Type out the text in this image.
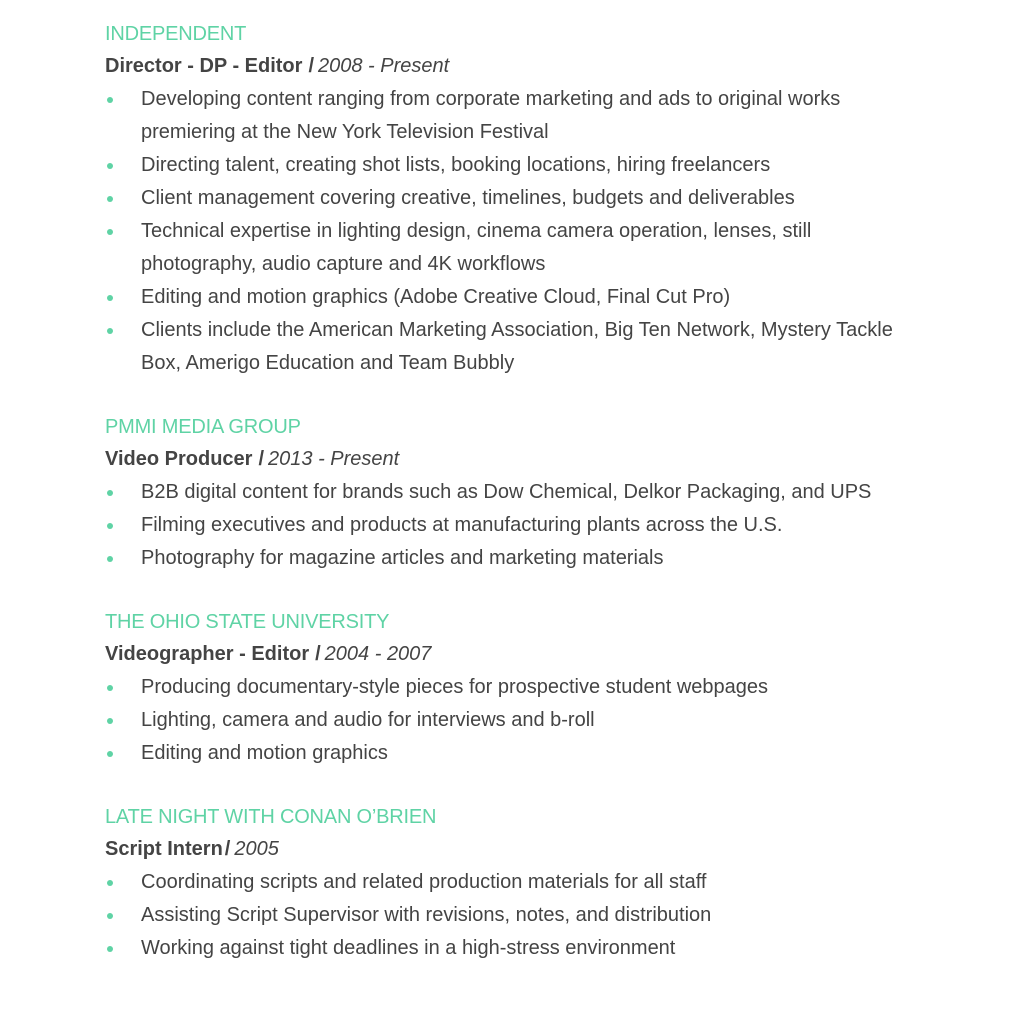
INDEPENDENT
Director - DP - Editor / 2008 - Present
Developing content ranging from corporate marketing and ads to original works premiering at the New York Television Festival
Directing talent, creating shot lists, booking locations, hiring freelancers
Client management covering creative, timelines, budgets and deliverables
Technical expertise in lighting design, cinema camera operation, lenses, still photography, audio capture and 4K workflows
Editing and motion graphics (Adobe Creative Cloud, Final Cut Pro)
Clients include the American Marketing Association, Big Ten Network, Mystery Tackle Box, Amerigo Education and Team Bubbly
PMMI MEDIA GROUP
Video Producer / 2013 - Present
B2B digital content for brands such as Dow Chemical, Delkor Packaging, and UPS
Filming executives and products at manufacturing plants across the U.S.
Photography for magazine articles and marketing materials
THE OHIO STATE UNIVERSITY
Videographer - Editor / 2004 - 2007
Producing documentary-style pieces for prospective student webpages
Lighting, camera and audio for interviews and b-roll
Editing and motion graphics
LATE NIGHT WITH CONAN O’BRIEN
Script Intern / 2005
Coordinating scripts and related production materials for all staff
Assisting Script Supervisor with revisions, notes, and distribution
Working against tight deadlines in a high-stress environment
